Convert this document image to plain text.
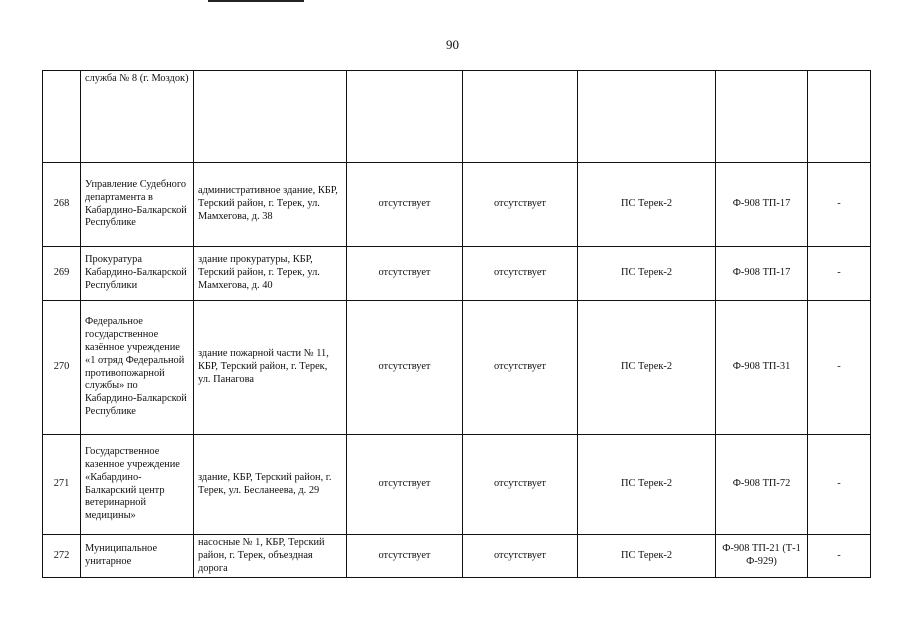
90
	служба № 8 (г. Моздок)						
268	Управление Судебного департамента в Кабардино-Балкарской Республике	административное здание, КБР, Терский район, г. Терек, ул. Мамхегова, д. 38	отсутствует	отсутствует	ПС Терек-2	Ф-908 ТП-17	-
269	Прокуратура Кабардино-Балкарской Республики	здание прокуратуры, КБР, Терский район, г. Терек, ул. Мамхегова, д. 40	отсутствует	отсутствует	ПС Терек-2	Ф-908 ТП-17	-
270	Федеральное государственное казённое учреждение «1 отряд Федеральной противопожарной службы» по Кабардино-Балкарской Республике	здание пожарной части № 11, КБР, Терский район, г. Терек, ул. Панагова	отсутствует	отсутствует	ПС Терек-2	Ф-908 ТП-31	-
271	Государственное казенное учреждение «Кабардино-Балкарский центр ветеринарной медицины»	здание, КБР, Терский район, г. Терек, ул. Бесланеева, д. 29	отсутствует	отсутствует	ПС Терек-2	Ф-908 ТП-72	-
272	Муниципальное унитарное	насосные № 1, КБР, Терский район, г. Терек, объездная дорога	отсутствует	отсутствует	ПС Терек-2	Ф-908 ТП-21 (Т-1 Ф-929)	-
